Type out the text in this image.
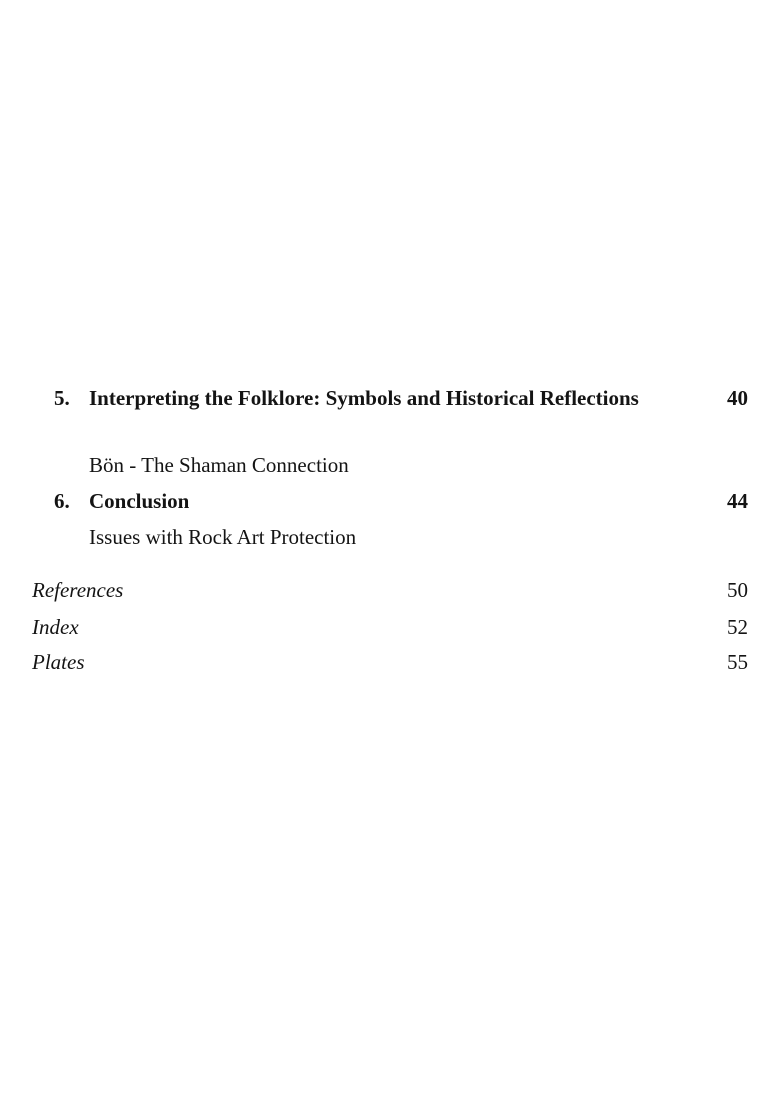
5. Interpreting the Folklore: Symbols and Historical Reflections	40
Bön - The Shaman Connection
6. Conclusion	44
Issues with Rock Art Protection
References	50
Index	52
Plates	55
